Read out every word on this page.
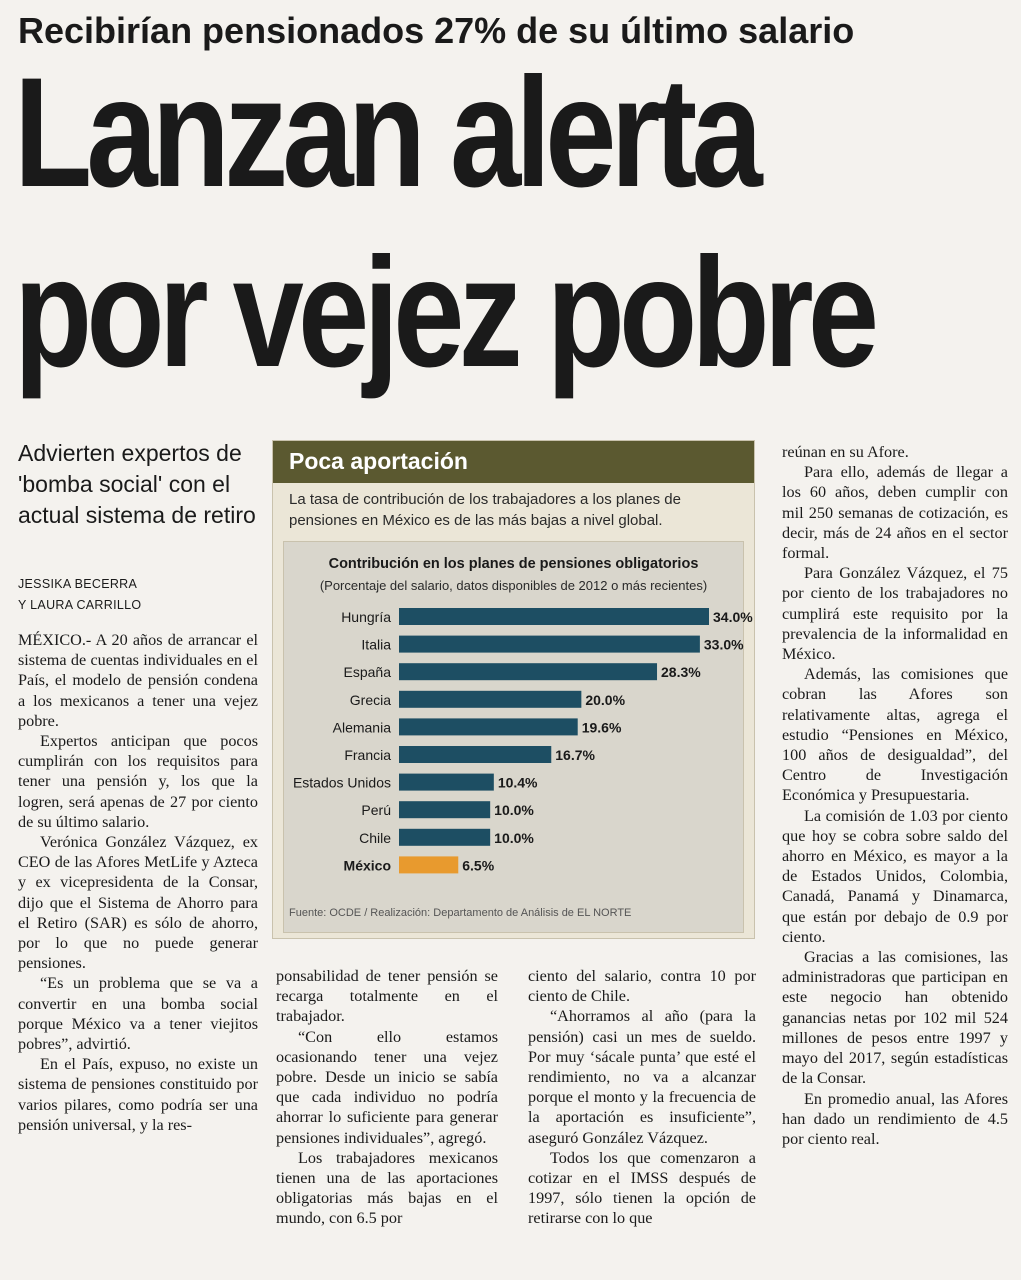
Recibirían pensionados 27% de su último salario
Lanzan alerta
por vejez pobre
Advierten expertos de 'bomba social' con el actual sistema de retiro
JESSIKA BECERRA
Y LAURA CARRILLO

MÉXICO.- A 20 años de arrancar el sistema de cuentas individuales en el País, el modelo de pensión condena a los mexicanos a tener una vejez pobre.

Expertos anticipan que pocos cumplirán con los requisitos para tener una pensión y, los que la logren, será apenas de 27 por ciento de su último salario.

Verónica González Vázquez, ex CEO de las Afores MetLife y Azteca y ex vicepresidenta de la Consar, dijo que el Sistema de Ahorro para el Retiro (SAR) es sólo de ahorro, por lo que no puede generar pensiones.

“Es un problema que se va a convertir en una bomba social porque México va a tener viejitos pobres”, advirtió.

En el País, expuso, no existe un sistema de pensiones constituido por varios pilares, como podría ser una pensión universal, y la res-

Poca aportación
La tasa de contribución de los trabajadores a los planes de pensiones en México es de las más bajas a nivel global.
Contribución en los planes de pensiones obligatorios
(Porcentaje del salario, datos disponibles de 2012 o más recientes)
Hungría	34.0%
Italia	33.0%
España	28.3%
Grecia	20.0%
Alemania	19.6%
Francia	16.7%
Estados Unidos	10.4%
Perú	10.0%
Chile	10.0%
México	6.5%
Fuente: OCDE / Realización: Departamento de Análisis de EL NORTE

ponsabilidad de tener pensión se recarga totalmente en el trabajador.

“Con ello estamos ocasionando tener una vejez pobre. Desde un inicio se sabía que cada individuo no podría ahorrar lo suficiente para generar pensiones individuales”, agregó.

Los trabajadores mexicanos tienen una de las aportaciones obligatorias más bajas en el mundo, con 6.5 por

ciento del salario, contra 10 por ciento de Chile.

“Ahorramos al año (para la pensión) casi un mes de sueldo. Por muy ‘sácale punta’ que esté el rendimiento, no va a alcanzar porque el monto y la frecuencia de la aportación es insuficiente”, aseguró González Vázquez.

Todos los que comenzaron a cotizar en el IMSS después de 1997, sólo tienen la opción de retirarse con lo que

reúnan en su Afore.

Para ello, además de llegar a los 60 años, deben cumplir con mil 250 semanas de cotización, es decir, más de 24 años en el sector formal.

Para González Vázquez, el 75 por ciento de los trabajadores no cumplirá este requisito por la prevalencia de la informalidad en México.

Además, las comisiones que cobran las Afores son relativamente altas, agrega el estudio “Pensiones en México, 100 años de desigualdad”, del Centro de Investigación Económica y Presupuestaria.

La comisión de 1.03 por ciento que hoy se cobra sobre saldo del ahorro en México, es mayor a la de Estados Unidos, Colombia, Canadá, Panamá y Dinamarca, que están por debajo de 0.9 por ciento.

Gracias a las comisiones, las administradoras que participan en este negocio han obtenido ganancias netas por 102 mil 524 millones de pesos entre 1997 y mayo del 2017, según estadísticas de la Consar.

En promedio anual, las Afores han dado un rendimiento de 4.5 por ciento real.
